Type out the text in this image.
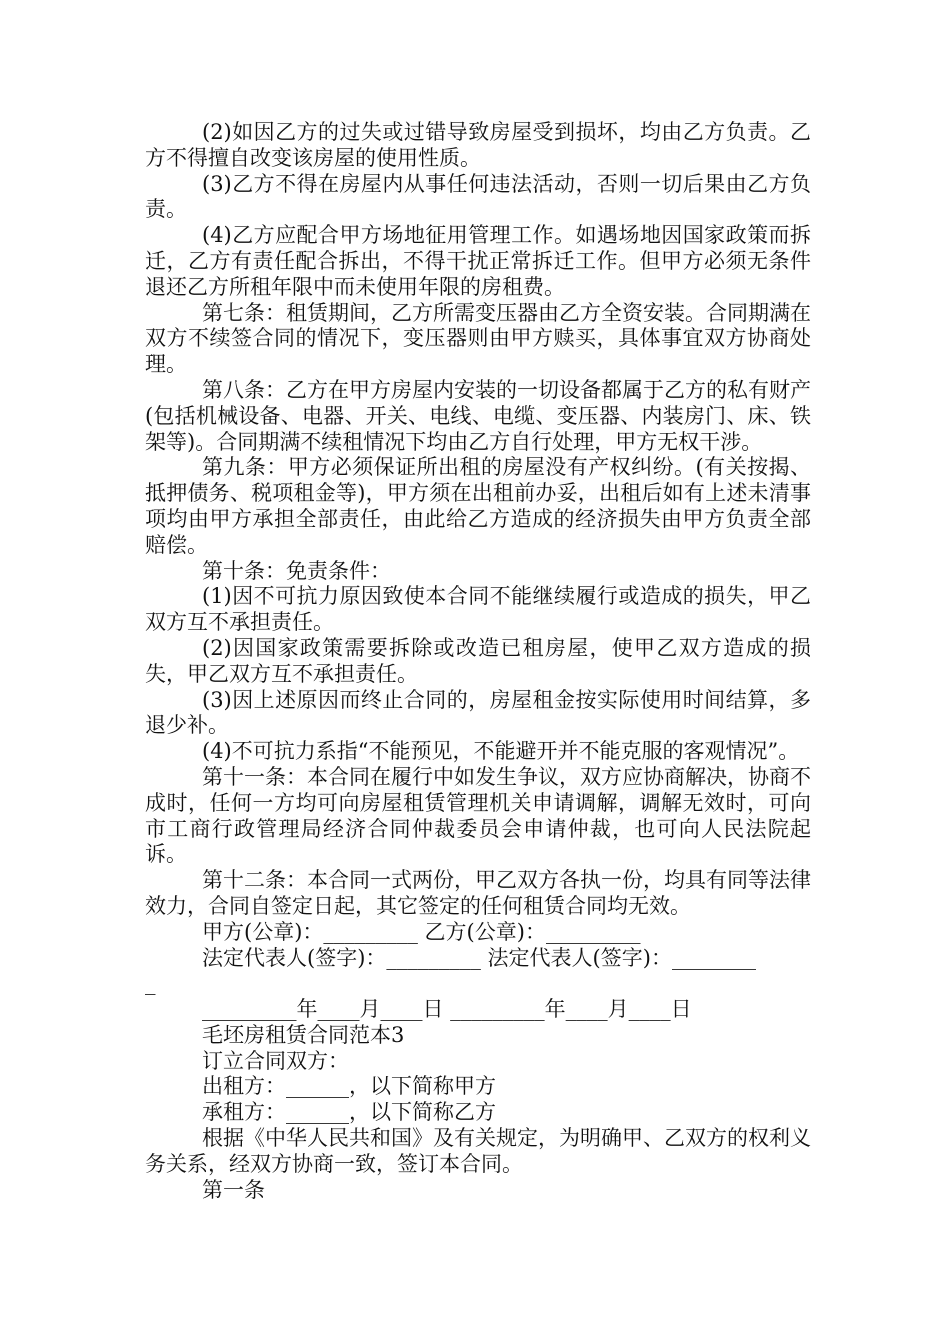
(2)如因乙方的过失或过错导致房屋受到损坏，均由乙方负责。乙方不得擅自改变该房屋的使用性质。

(3)乙方不得在房屋内从事任何违法活动，否则一切后果由乙方负责。

(4)乙方应配合甲方场地征用管理工作。如遇场地因国家政策而拆迁，乙方有责任配合拆出，不得干扰正常拆迁工作。但甲方必须无条件退还乙方所租年限中而未使用年限的房租费。

第七条：租赁期间，乙方所需变压器由乙方全资安装。合同期满在双方不续签合同的情况下，变压器则由甲方赎买，具体事宜双方协商处理。

第八条：乙方在甲方房屋内安装的一切设备都属于乙方的私有财产(包括机械设备、电器、开关、电线、电缆、变压器、内装房门、床、铁架等)。合同期满不续租情况下均由乙方自行处理，甲方无权干涉。

第九条：甲方必须保证所出租的房屋没有产权纠纷。(有关按揭、抵押债务、税项租金等)，甲方须在出租前办妥，出租后如有上述未清事项均由甲方承担全部责任，由此给乙方造成的经济损失由甲方负责全部赔偿。

第十条：免责条件：

(1)因不可抗力原因致使本合同不能继续履行或造成的损失，甲乙双方互不承担责任。

(2)因国家政策需要拆除或改造已租房屋，使甲乙双方造成的损失，甲乙双方互不承担责任。

(3)因上述原因而终止合同的，房屋租金按实际使用时间结算，多退少补。

(4)不可抗力系指“不能预见，不能避开并不能克服的客观情况”。

第十一条：本合同在履行中如发生争议，双方应协商解决，协商不成时，任何一方均可向房屋租赁管理机关申请调解，调解无效时，可向市工商行政管理局经济合同仲裁委员会申请仲裁，也可向人民法院起诉。

第十二条：本合同一式两份，甲乙双方各执一份，均具有同等法律效力，合同自签定日起，其它签定的任何租赁合同均无效。

甲方(公章)：_________ 乙方(公章)：_________

法定代表人(签字)：_________ 法定代表人(签字)：________

_

_________年____月____日 _________年____月____日

毛坯房租赁合同范本3

订立合同双方：

出租方：______，以下简称甲方

承租方：______，以下简称乙方

根据《中华人民共和国》及有关规定，为明确甲、乙双方的权利义务关系，经双方协商一致，签订本合同。

第一条
